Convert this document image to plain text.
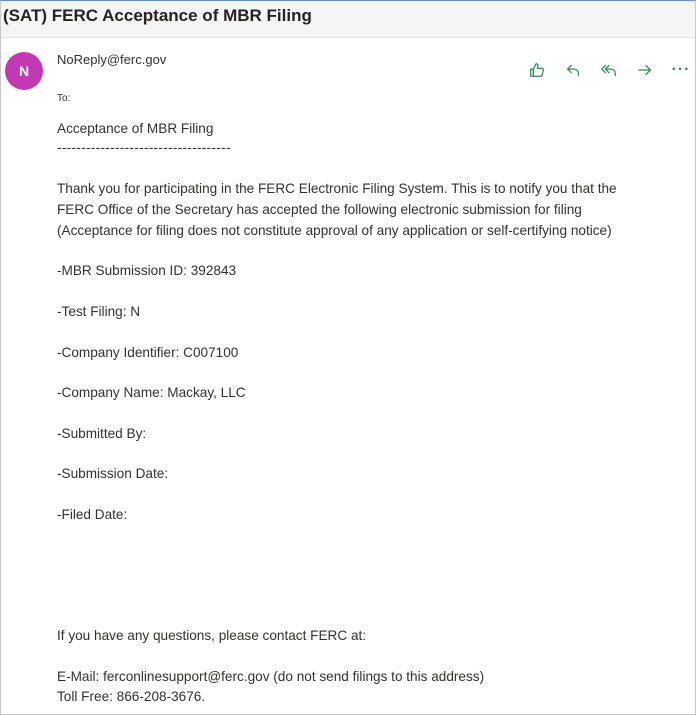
(SAT) FERC Acceptance of MBR Filing
N
NoReply@ferc.gov
To:
···
Acceptance of MBR Filing
------------------------------------
Thank you for participating in the FERC Electronic Filing System. This is to notify you that the
FERC Office of the Secretary has accepted the following electronic submission for filing
(Acceptance for filing does not constitute approval of any application or self-certifying notice)
-MBR Submission ID: 392843
-Test Filing: N
-Company Identifier: C007100
-Company Name: Mackay, LLC
-Submitted By:
-Submission Date:
-Filed Date:
If you have any questions, please contact FERC at:
E-Mail: ferconlinesupport@ferc.gov (do not send filings to this address)
Toll Free: 866-208-3676.
